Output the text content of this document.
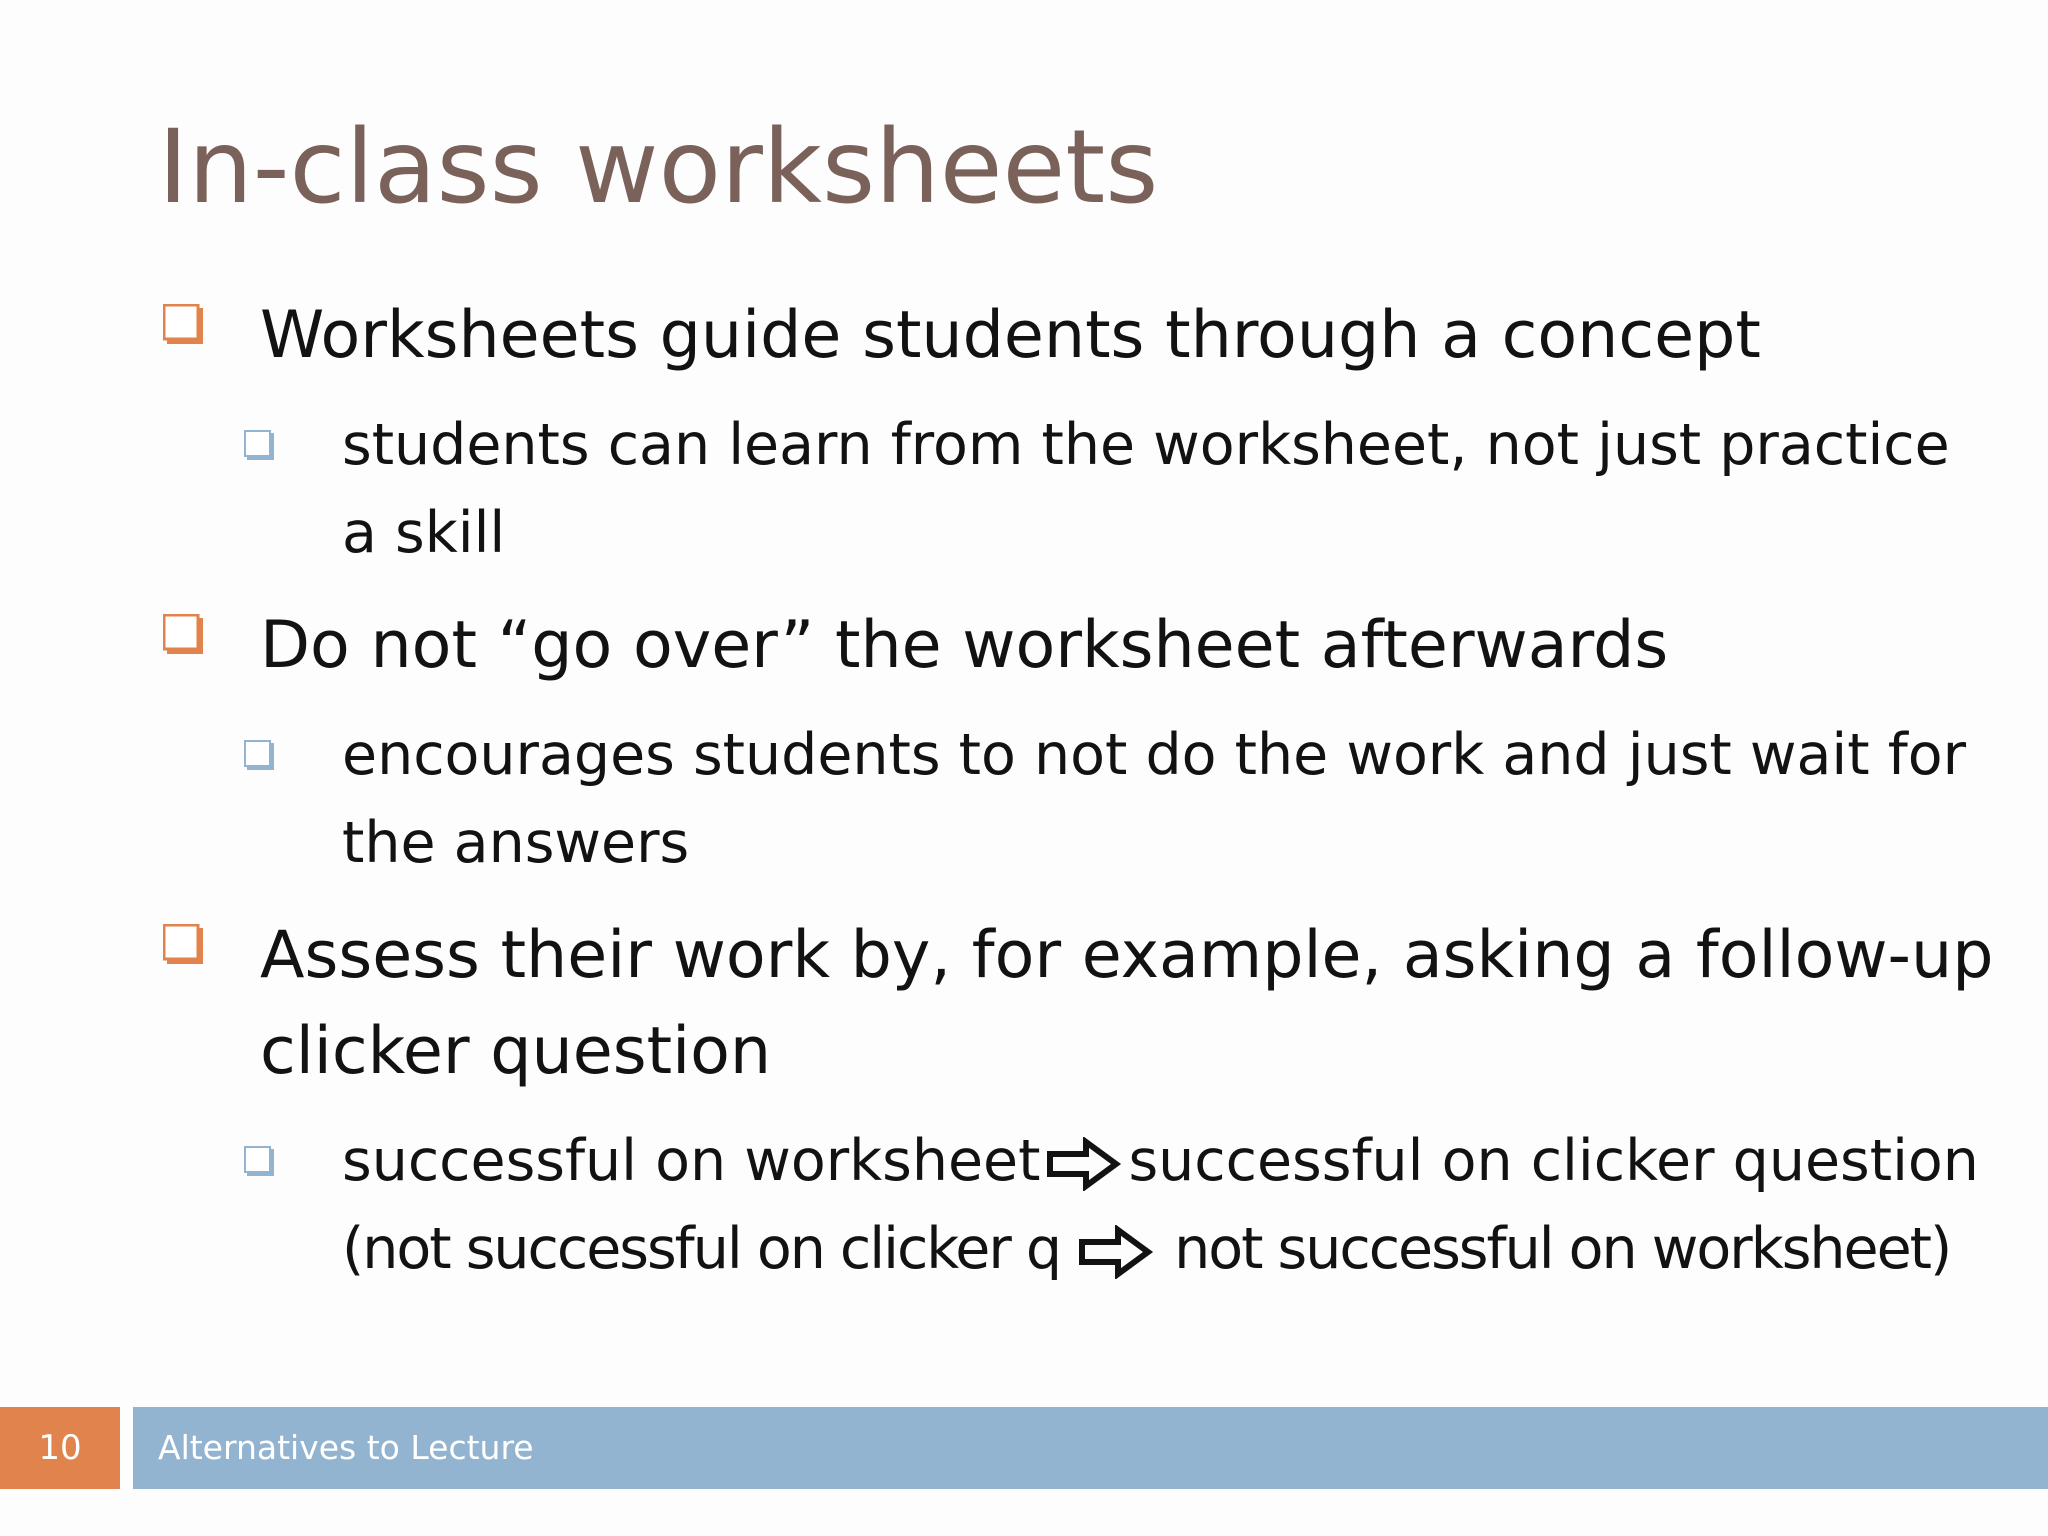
In-class worksheets
Worksheets guide students through a concept
students can learn from the worksheet, not just practice
a skill
Do not “go over” the worksheet afterwards
encourages students to not do the work and just wait for
the answers
Assess their work by, for example, asking a follow-up
clicker question
successful on worksheet successful on clicker question
(not successful on clicker q not successful on worksheet)
10	Alternatives to Lecture
